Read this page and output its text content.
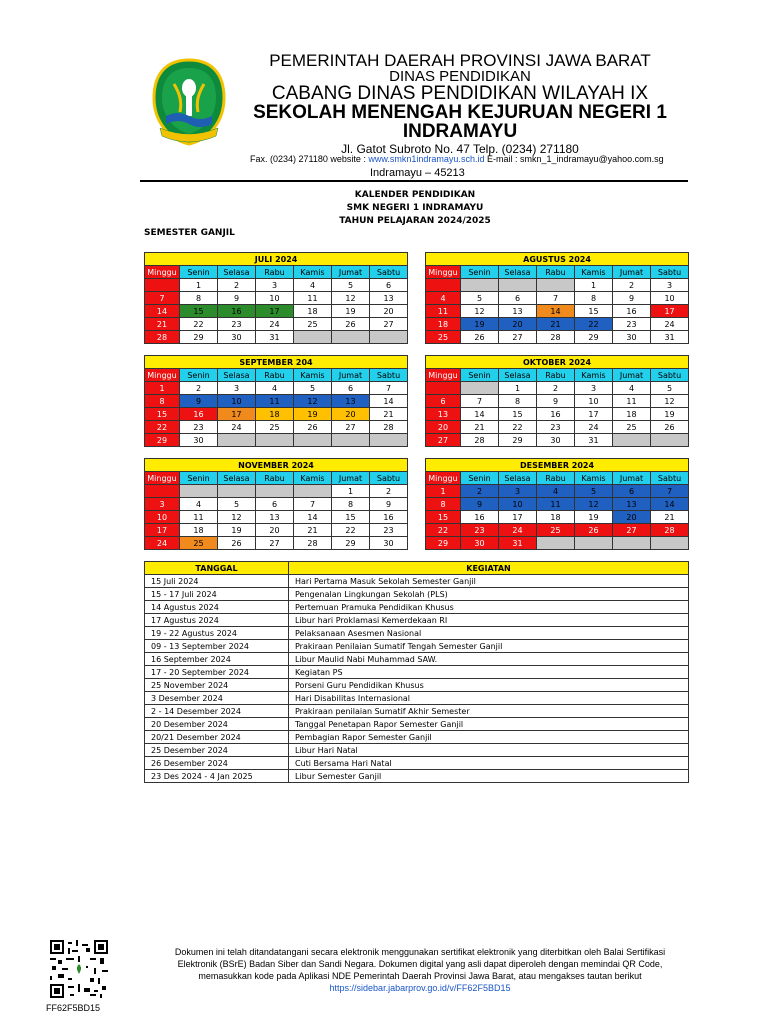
PEMERINTAH DAERAH PROVINSI JAWA BARAT
DINAS PENDIDIKAN
CABANG DINAS PENDIDIKAN WILAYAH IX
SEKOLAH MENENGAH KEJURUAN NEGERI 1
INDRAMAYU
Jl. Gatot Subroto No. 47 Telp. (0234) 271180
Fax. (0234) 271180 website : www.smkn1indramayu.sch.id E-mail : smkn_1_indramayu@yahoo.com.sg
Indramayu – 45213
KALENDER PENDIDIKAN
SMK NEGERI 1 INDRAMAYU
TAHUN PELAJARAN 2024/2025
SEMESTER GANJIL
JULI 2024						
Minggu	Senin	Selasa	Rabu	Kamis	Jumat	Sabtu
	1	2	3	4	5	6
7	8	9	10	11	12	13
14	15	16	17	18	19	20
21	22	23	24	25	26	27
28	29	30	31			
AGUSTUS 2024						
Minggu	Senin	Selasa	Rabu	Kamis	Jumat	Sabtu
				1	2	3
4	5	6	7	8	9	10
11	12	13	14	15	16	17
18	19	20	21	22	23	24
25	26	27	28	29	30	31
SEPTEMBER 204						
Minggu	Senin	Selasa	Rabu	Kamis	Jumat	Sabtu
1	2	3	4	5	6	7
8	9	10	11	12	13	14
15	16	17	18	19	20	21
22	23	24	25	26	27	28
29	30					
OKTOBER 2024						
Minggu	Senin	Selasa	Rabu	Kamis	Jumat	Sabtu
		1	2	3	4	5
6	7	8	9	10	11	12
13	14	15	16	17	18	19
20	21	22	23	24	25	26
27	28	29	30	31		
NOVEMBER 2024						
Minggu	Senin	Selasa	Rabu	Kamis	Jumat	Sabtu
					1	2
3	4	5	6	7	8	9
10	11	12	13	14	15	16
17	18	19	20	21	22	23
24	25	26	27	28	29	30
DESEMBER 2024						
Minggu	Senin	Selasa	Rabu	Kamis	Jumat	Sabtu
1	2	3	4	5	6	7
8	9	10	11	12	13	14
15	16	17	18	19	20	21
22	23	24	25	26	27	28
29	30	31				
TANGGAL	KEGIATAN
15 Juli 2024	Hari Pertama Masuk Sekolah Semester Ganjil
15 - 17 Juli 2024	Pengenalan Lingkungan Sekolah (PLS)
14 Agustus 2024	Pertemuan Pramuka Pendidikan Khusus
17 Agustus 2024	Libur hari Proklamasi Kemerdekaan RI
19 - 22 Agustus 2024	Pelaksanaan Asesmen Nasional
09 - 13 September 2024	Prakiraan Penilaian Sumatif Tengah Semester Ganjil
16 September 2024	Libur Maulid Nabi Muhammad SAW.
17 - 20 September 2024	Kegiatan PS
25 November 2024	Porseni Guru Pendidikan Khusus
3 Desember 2024	Hari Disabilitas Internasional
2 - 14 Desember 2024	Prakiraan penilaian Sumatif Akhir Semester
20 Desember 2024	Tanggal Penetapan Rapor Semester Ganjil
20/21 Desember 2024	Pembagian Rapor Semester Ganjil
25 Desember 2024	Libur Hari Natal
26 Desember 2024	Cuti Bersama Hari Natal
23 Des 2024 - 4 Jan 2025	Libur Semester Ganjil
FF62F5BD15
Dokumen ini telah ditandatangani secara elektronik menggunakan sertifikat elektronik yang diterbitkan oleh Balai Sertifikasi
Elektronik (BSrE) Badan Siber dan Sandi Negara. Dokumen digital yang asli dapat diperoleh dengan memindai QR Code,
memasukkan kode pada Aplikasi NDE Pemerintah Daerah Provinsi Jawa Barat, atau mengakses tautan berikut
https://sidebar.jabarprov.go.id/v/FF62F5BD15
